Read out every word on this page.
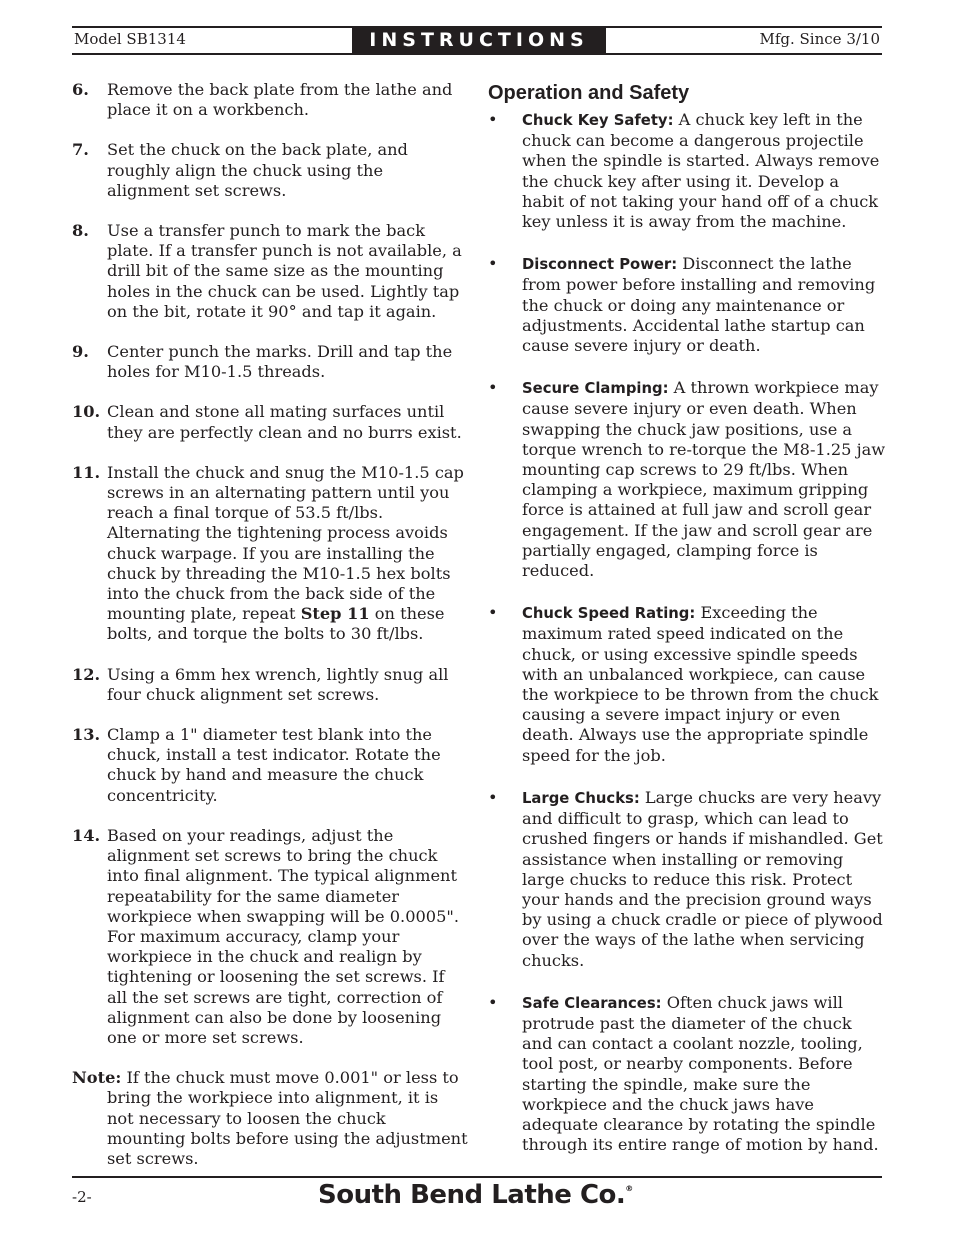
Model SB1314	INSTRUCTIONS	Mfg. Since 3/10
6. Remove the back plate from the lathe and place it on a workbench.
7. Set the chuck on the back plate, and roughly align the chuck using the alignment set screws.
8. Use a transfer punch to mark the back plate. If a transfer punch is not available, a drill bit of the same size as the mounting holes in the chuck can be used. Lightly tap on the bit, rotate it 90° and tap it again.
9. Center punch the marks. Drill and tap the holes for M10-1.5 threads.
10. Clean and stone all mating surfaces until they are perfectly clean and no burrs exist.
11. Install the chuck and snug the M10-1.5 cap screws in an alternating pattern until you reach a final torque of 53.5 ft/lbs. Alternating the tightening process avoids chuck warpage. If you are installing the chuck by threading the M10-1.5 hex bolts into the chuck from the back side of the mounting plate, repeat Step 11 on these bolts, and torque the bolts to 30 ft/lbs.
12. Using a 6mm hex wrench, lightly snug all four chuck alignment set screws.
13. Clamp a 1" diameter test blank into the chuck, install a test indicator. Rotate the chuck by hand and measure the chuck concentricity.
14. Based on your readings, adjust the alignment set screws to bring the chuck into final alignment. The typical alignment repeatability for the same diameter workpiece when swapping will be 0.0005". For maximum accuracy, clamp your workpiece in the chuck and realign by tightening or loosening the set screws. If all the set screws are tight, correction of alignment can also be done by loosening one or more set screws.
Note: If the chuck must move 0.001" or less to bring the workpiece into alignment, it is not necessary to loosen the chuck mounting bolts before using the adjustment set screws.
Operation and Safety
• Chuck Key Safety: A chuck key left in the chuck can become a dangerous projectile when the spindle is started. Always remove the chuck key after using it. Develop a habit of not taking your hand off of a chuck key unless it is away from the machine.
• Disconnect Power: Disconnect the lathe from power before installing and removing the chuck or doing any maintenance or adjustments. Accidental lathe startup can cause severe injury or death.
• Secure Clamping: A thrown workpiece may cause severe injury or even death. When swapping the chuck jaw positions, use a torque wrench to re-torque the M8-1.25 jaw mounting cap screws to 29 ft/lbs. When clamping a workpiece, maximum gripping force is attained at full jaw and scroll gear engagement. If the jaw and scroll gear are partially engaged, clamping force is reduced.
• Chuck Speed Rating: Exceeding the maximum rated speed indicated on the chuck, or using excessive spindle speeds with an unbalanced workpiece, can cause the workpiece to be thrown from the chuck causing a severe impact injury or even death. Always use the appropriate spindle speed for the job.
• Large Chucks: Large chucks are very heavy and difficult to grasp, which can lead to crushed fingers or hands if mishandled. Get assistance when installing or removing large chucks to reduce this risk. Protect your hands and the precision ground ways by using a chuck cradle or piece of plywood over the ways of the lathe when servicing chucks.
• Safe Clearances: Often chuck jaws will protrude past the diameter of the chuck and can contact a coolant nozzle, tooling, tool post, or nearby components. Before starting the spindle, make sure the workpiece and the chuck jaws have adequate clearance by rotating the spindle through its entire range of motion by hand.
-2-	South Bend Lathe Co.®
